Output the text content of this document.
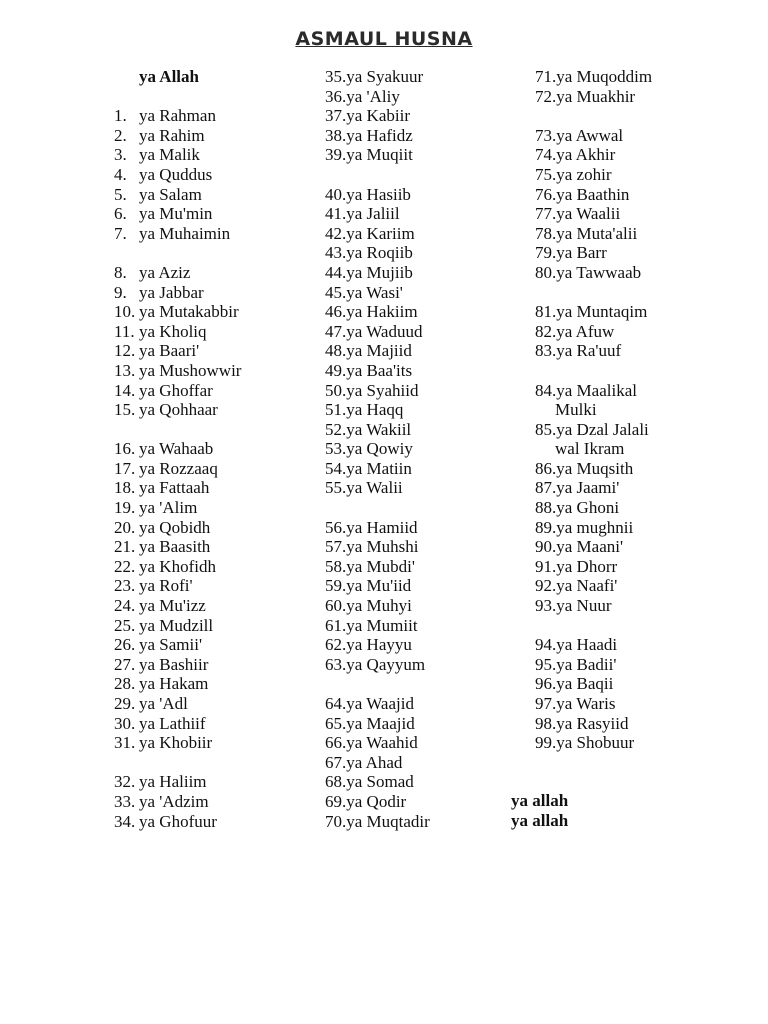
ASMAUL HUSNA
ya Allah
1. ya Rahman
2. ya Rahim
3. ya Malik
4. ya Quddus
5. ya Salam
6. ya Mu'min
7. ya Muhaimin
8. ya Aziz
9. ya Jabbar
10. ya Mutakabbir
11. ya Kholiq
12. ya Baari'
13. ya Mushowwir
14. ya Ghoffar
15. ya Qohhaar
16. ya Wahaab
17. ya Rozzaaq
18. ya Fattaah
19. ya 'Alim
20. ya Qobidh
21. ya Baasith
22. ya Khofidh
23. ya Rofi'
24. ya Mu'izz
25. ya Mudzill
26. ya Samii'
27. ya Bashiir
28. ya Hakam
29. ya 'Adl
30. ya Lathiif
31. ya Khobiir
32. ya Haliim
33. ya 'Adzim
34. ya Ghofuur
35.ya Syakuur
36.ya 'Aliy
37.ya Kabiir
38.ya Hafidz
39.ya Muqiit
40.ya Hasiib
41.ya Jaliil
42.ya Kariim
43.ya Roqiib
44.ya Mujiib
45.ya Wasi'
46.ya Hakiim
47.ya Waduud
48.ya Majiid
49.ya Baa'its
50.ya Syahiid
51.ya Haqq
52.ya Wakiil
53.ya Qowiy
54.ya Matiin
55.ya Walii
56.ya Hamiid
57.ya Muhshi
58.ya Mubdi'
59.ya Mu'iid
60.ya Muhyi
61.ya Mumiit
62.ya Hayyu
63.ya Qayyum
64.ya Waajid
65.ya Maajid
66.ya Waahid
67.ya Ahad
68.ya Somad
69.ya Qodir
70.ya Muqtadir
71.ya Muqoddim
72.ya Muakhir
73.ya Awwal
74.ya Akhir
75.ya zohir
76.ya Baathin
77.ya Waalii
78.ya Muta'alii
79.ya Barr
80.ya Tawwaab
81.ya Muntaqim
82.ya Afuw
83.ya Ra'uuf
84.ya Maalikal
Mulki
85.ya Dzal Jalali
wal Ikram
86.ya Muqsith
87.ya Jaami'
88.ya Ghoni
89.ya mughnii
90.ya Maani'
91.ya Dhorr
92.ya Naafi'
93.ya Nuur
94.ya Haadi
95.ya Badii'
96.ya Baqii
97.ya Waris
98.ya Rasyiid
99.ya Shobuur
ya allah
ya allah
